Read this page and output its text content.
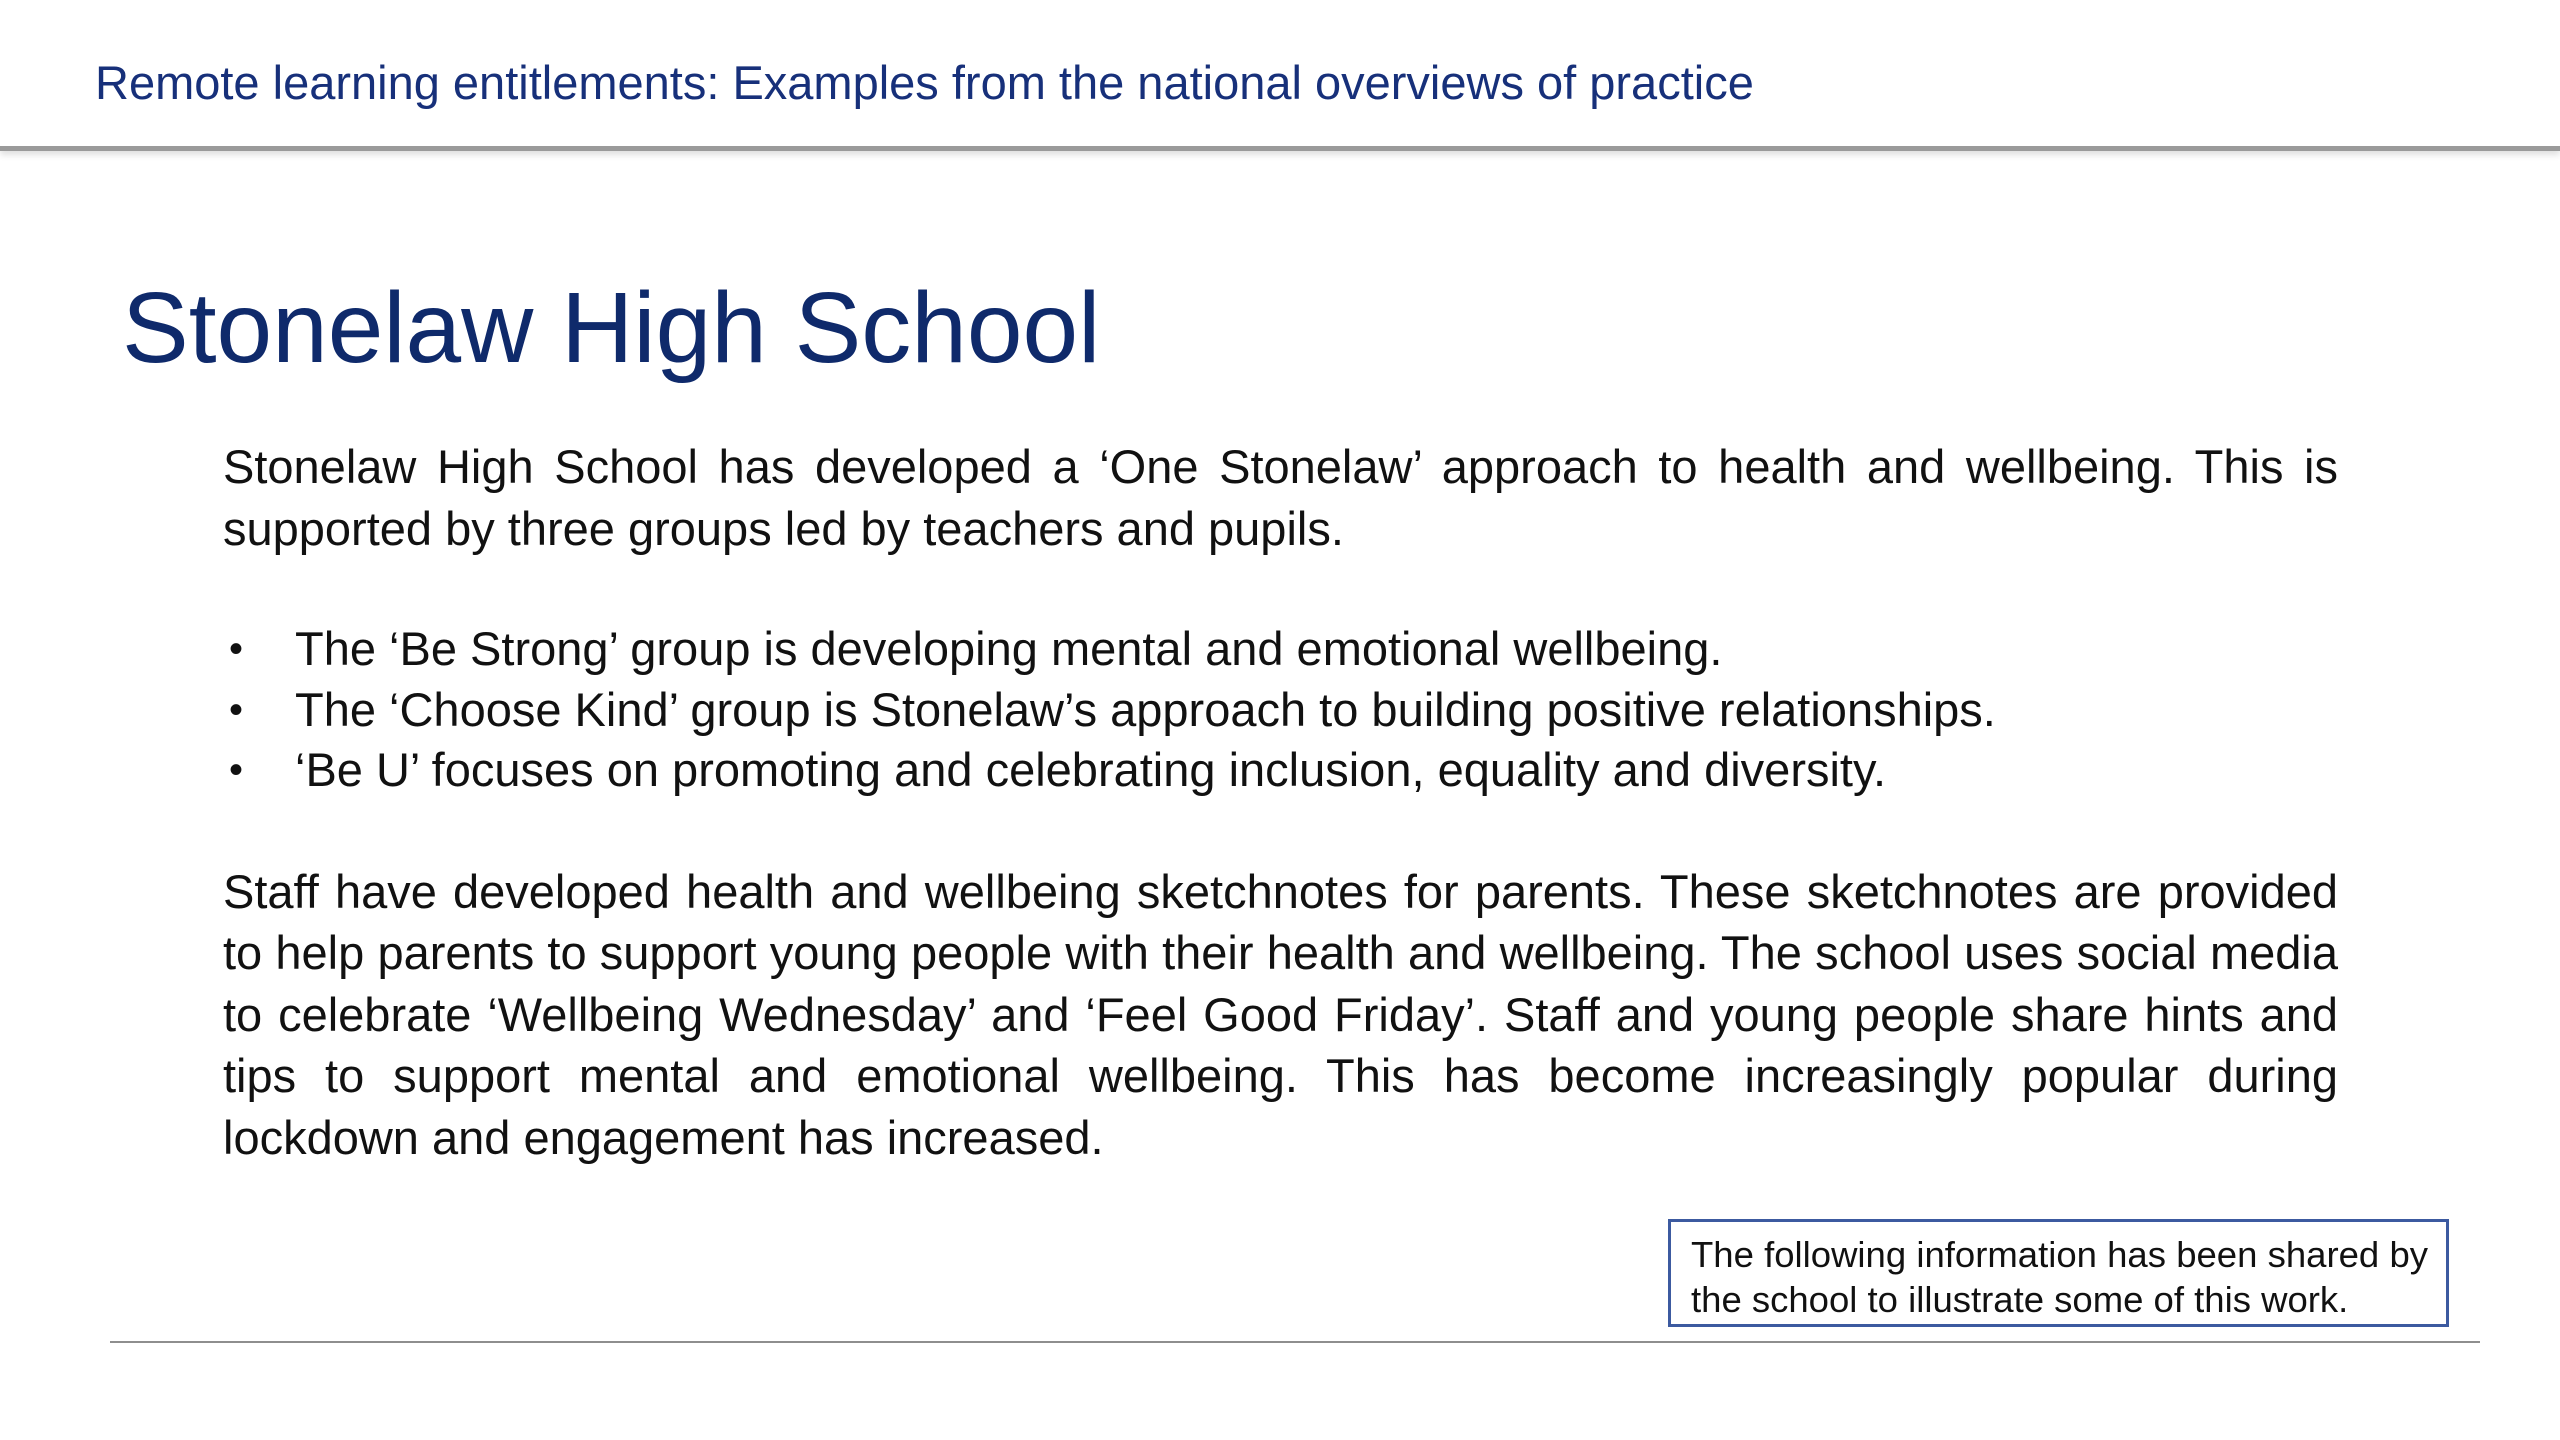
Remote learning entitlements: Examples from the national overviews of practice
Stonelaw High School

Stonelaw High School has developed a ‘One Stonelaw’ approach to health and wellbeing. This is supported by three groups led by teachers and pupils.

•	The ‘Be Strong’ group is developing mental and emotional wellbeing.
•	The ‘Choose Kind’ group is Stonelaw’s approach to building positive relationships.
•	‘Be U’ focuses on promoting and celebrating inclusion, equality and diversity.

Staff have developed health and wellbeing sketchnotes for parents. These sketchnotes are provided to help parents to support young people with their health and wellbeing. The school uses social media to celebrate ‘Wellbeing Wednesday’ and ‘Feel Good Friday’. Staff and young people share hints and tips to support mental and emotional wellbeing. This has become increasingly popular during lockdown and engagement has increased.

The following information has been shared by the school to illustrate some of this work.
